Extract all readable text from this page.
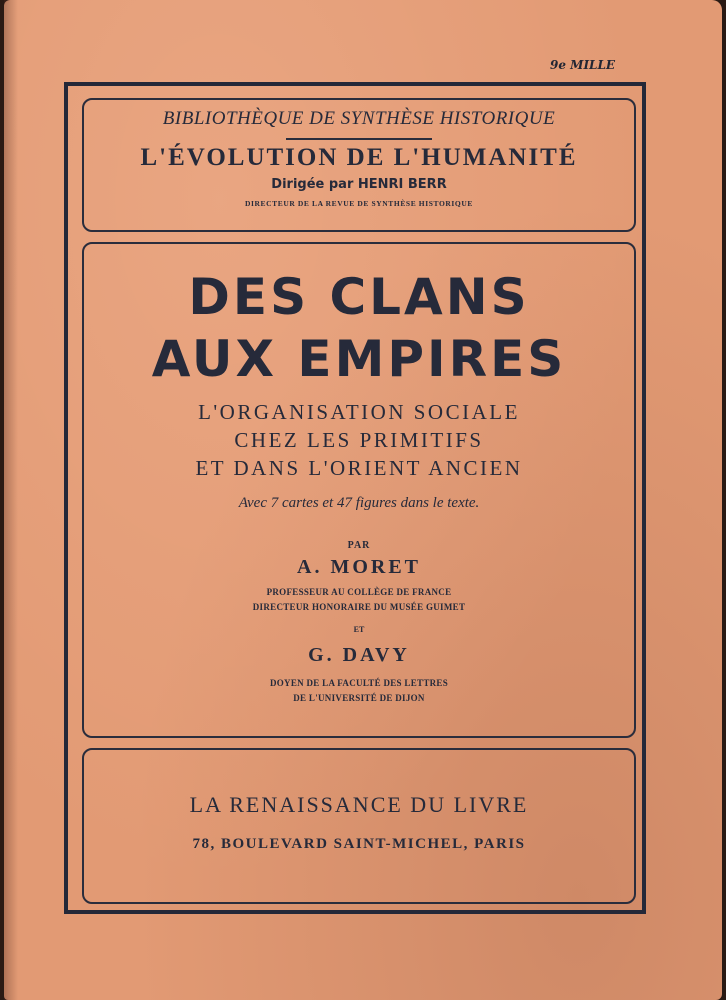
9e MILLE
BIBLIOTHÈQUE DE SYNTHÈSE HISTORIQUE
L'ÉVOLUTION DE L'HUMANITÉ
Dirigée par HENRI BERR
DIRECTEUR DE LA REVUE DE SYNTHÈSE HISTORIQUE
DES CLANS
AUX EMPIRES
L'ORGANISATION SOCIALE
CHEZ LES PRIMITIFS
ET DANS L'ORIENT ANCIEN
Avec 7 cartes et 47 figures dans le texte.
PAR
A. MORET
PROFESSEUR AU COLLÈGE DE FRANCE
DIRECTEUR HONORAIRE DU MUSÉE GUIMET
ET
G. DAVY
DOYEN DE LA FACULTÉ DES LETTRES
DE L'UNIVERSITÉ DE DIJON
LA RENAISSANCE DU LIVRE
78, BOULEVARD SAINT-MICHEL, PARIS
